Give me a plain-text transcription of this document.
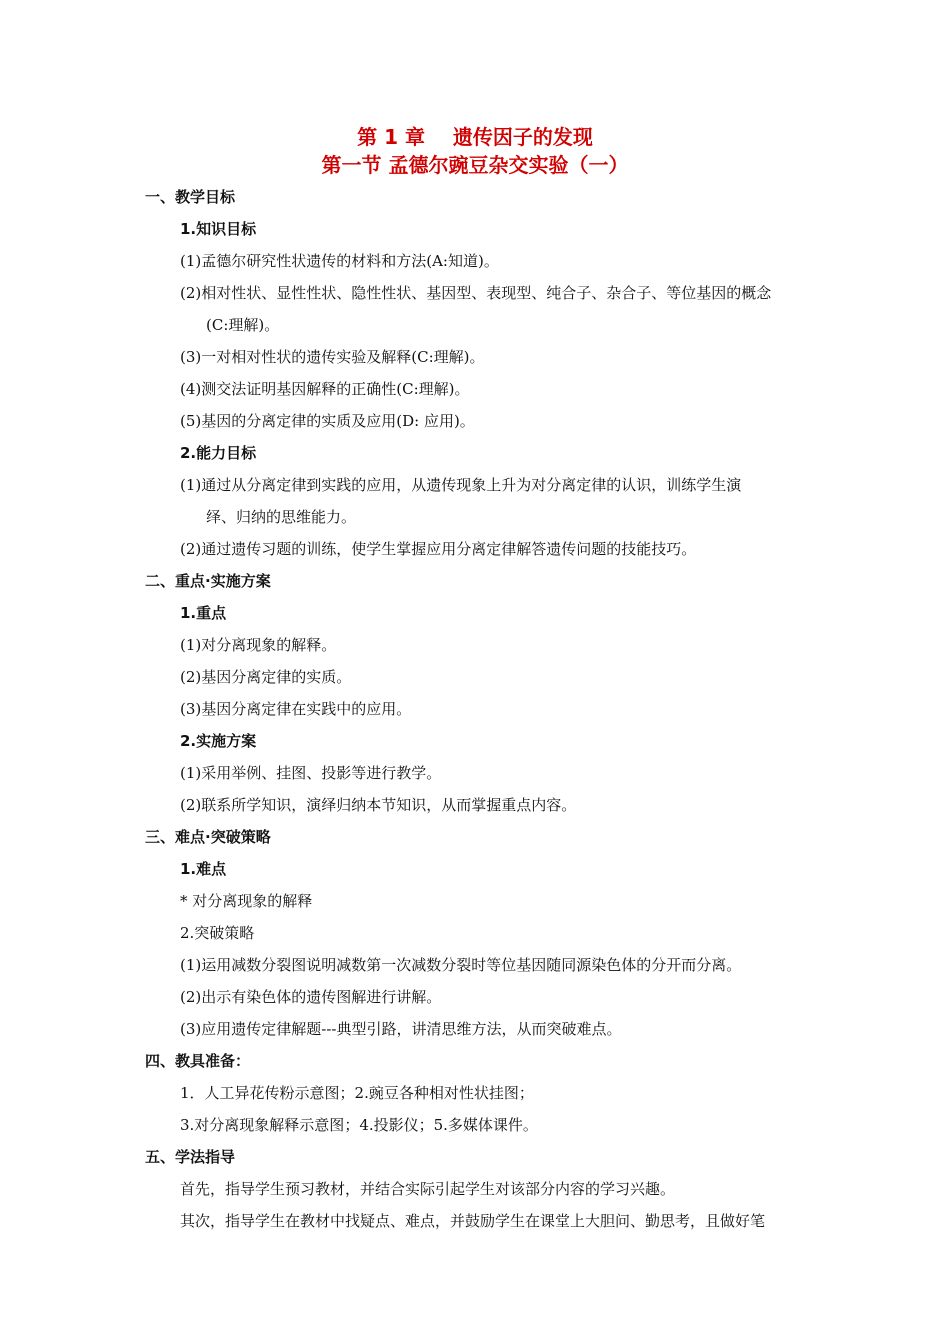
第 1 章    遗传因子的发现
第一节 孟德尔豌豆杂交实验（一）
一、教学目标
1.知识目标
(1)孟德尔研究性状遗传的材料和方法(A:知道)。
(2)相对性状、显性性状、隐性性状、基因型、表现型、纯合子、杂合子、等位基因的概念
(C:理解)。
(3)一对相对性状的遗传实验及解释(C:理解)。
(4)测交法证明基因解释的正确性(C:理解)。
(5)基因的分离定律的实质及应用(D: 应用)。
2.能力目标
(1)通过从分离定律到实践的应用，从遗传现象上升为对分离定律的认识，训练学生演
绎、归纳的思维能力。
(2)通过遗传习题的训练，使学生掌握应用分离定律解答遗传问题的技能技巧。
二、重点·实施方案
1.重点
(1)对分离现象的解释。
(2)基因分离定律的实质。
(3)基因分离定律在实践中的应用。
2.实施方案
(1)采用举例、挂图、投影等进行教学。
(2)联系所学知识，演绎归纳本节知识，从而掌握重点内容。
三、难点·突破策略
1.难点
* 对分离现象的解释
2.突破策略
(1)运用减数分裂图说明减数第一次减数分裂时等位基因随同源染色体的分开而分离。
(2)出示有染色体的遗传图解进行讲解。
(3)应用遗传定律解题---典型引路，讲清思维方法，从而突破难点。
四、教具准备：
1．人工异花传粉示意图；2.豌豆各种相对性状挂图；
3.对分离现象解释示意图；4.投影仪；5.多媒体课件。
五、学法指导
首先，指导学生预习教材，并结合实际引起学生对该部分内容的学习兴趣。
其次，指导学生在教材中找疑点、难点，并鼓励学生在课堂上大胆问、勤思考，且做好笔
